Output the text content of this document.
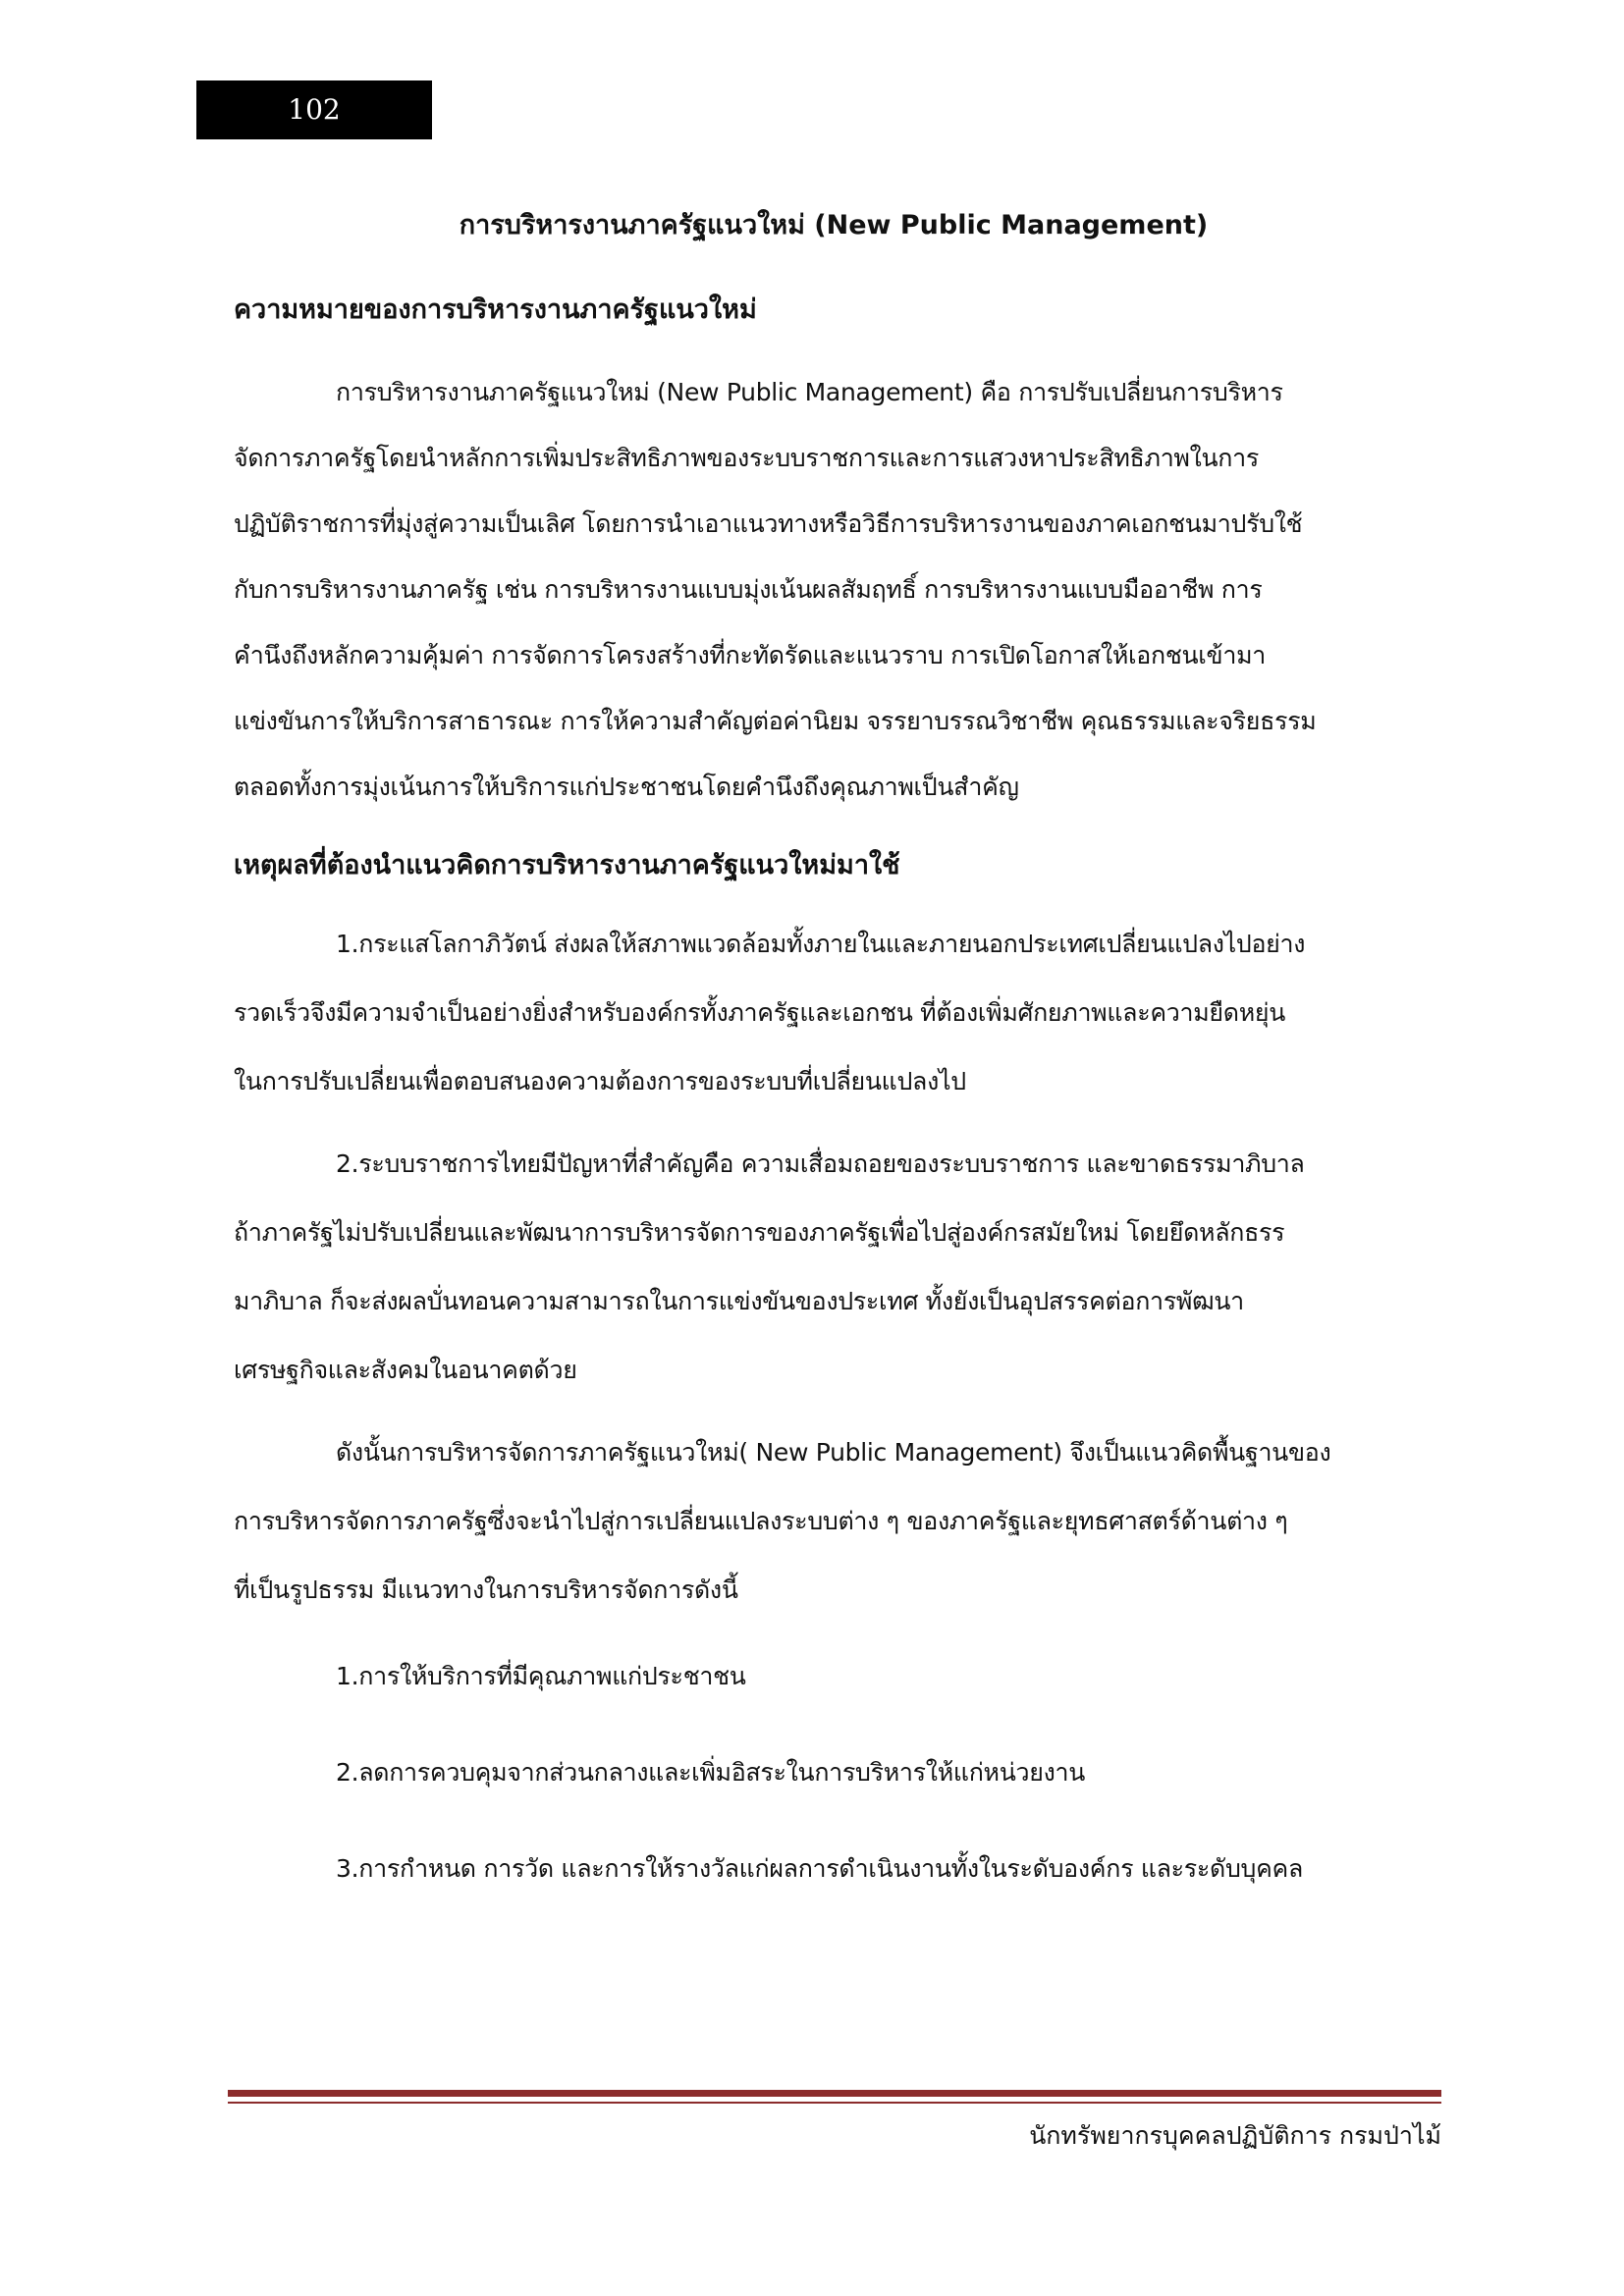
102
การบริหารงานภาครัฐแนวใหม่ (New Public Management)
ความหมายของการบริหารงานภาครัฐแนวใหม่

การบริหารงานภาครัฐแนวใหม่ (New Public Management) คือ การปรับเปลี่ยนการบริหาร

จัดการภาครัฐโดยนำหลักการเพิ่มประสิทธิภาพของระบบราชการและการแสวงหาประสิทธิภาพในการ

ปฏิบัติราชการที่มุ่งสู่ความเป็นเลิศ โดยการนำเอาแนวทางหรือวิธีการบริหารงานของภาคเอกชนมาปรับใช้

กับการบริหารงานภาครัฐ เช่น การบริหารงานแบบมุ่งเน้นผลสัมฤทธิ์ การบริหารงานแบบมืออาชีพ การ

คำนึงถึงหลักความคุ้มค่า การจัดการโครงสร้างที่กะทัดรัดและแนวราบ การเปิดโอกาสให้เอกชนเข้ามา

แข่งขันการให้บริการสาธารณะ การให้ความสำคัญต่อค่านิยม จรรยาบรรณวิชาชีพ คุณธรรมและจริยธรรม

ตลอดทั้งการมุ่งเน้นการให้บริการแก่ประชาชนโดยคำนึงถึงคุณภาพเป็นสำคัญ

เหตุผลที่ต้องนำแนวคิดการบริหารงานภาครัฐแนวใหม่มาใช้

1.กระแสโลกาภิวัตน์ ส่งผลให้สภาพแวดล้อมทั้งภายในและภายนอกประเทศเปลี่ยนแปลงไปอย่าง

รวดเร็วจึงมีความจำเป็นอย่างยิ่งสำหรับองค์กรทั้งภาครัฐและเอกชน ที่ต้องเพิ่มศักยภาพและความยืดหยุ่น

ในการปรับเปลี่ยนเพื่อตอบสนองความต้องการของระบบที่เปลี่ยนแปลงไป

2.ระบบราชการไทยมีปัญหาที่สำคัญคือ ความเสื่อมถอยของระบบราชการ และขาดธรรมาภิบาล

ถ้าภาครัฐไม่ปรับเปลี่ยนและพัฒนาการบริหารจัดการของภาครัฐเพื่อไปสู่องค์กรสมัยใหม่ โดยยึดหลักธรร

มาภิบาล ก็จะส่งผลบั่นทอนความสามารถในการแข่งขันของประเทศ ทั้งยังเป็นอุปสรรคต่อการพัฒนา

เศรษฐกิจและสังคมในอนาคตด้วย

ดังนั้นการบริหารจัดการภาครัฐแนวใหม่( New Public Management) จึงเป็นแนวคิดพื้นฐานของ

การบริหารจัดการภาครัฐซึ่งจะนำไปสู่การเปลี่ยนแปลงระบบต่าง ๆ ของภาครัฐและยุทธศาสตร์ด้านต่าง ๆ

ที่เป็นรูปธรรม มีแนวทางในการบริหารจัดการดังนี้

1.การให้บริการที่มีคุณภาพแก่ประชาชน

2.ลดการควบคุมจากส่วนกลางและเพิ่มอิสระในการบริหารให้แก่หน่วยงาน

3.การกำหนด การวัด และการให้รางวัลแก่ผลการดำเนินงานทั้งในระดับองค์กร และระดับบุคคล

นักทรัพยากรบุคคลปฏิบัติการ กรมป่าไม้
